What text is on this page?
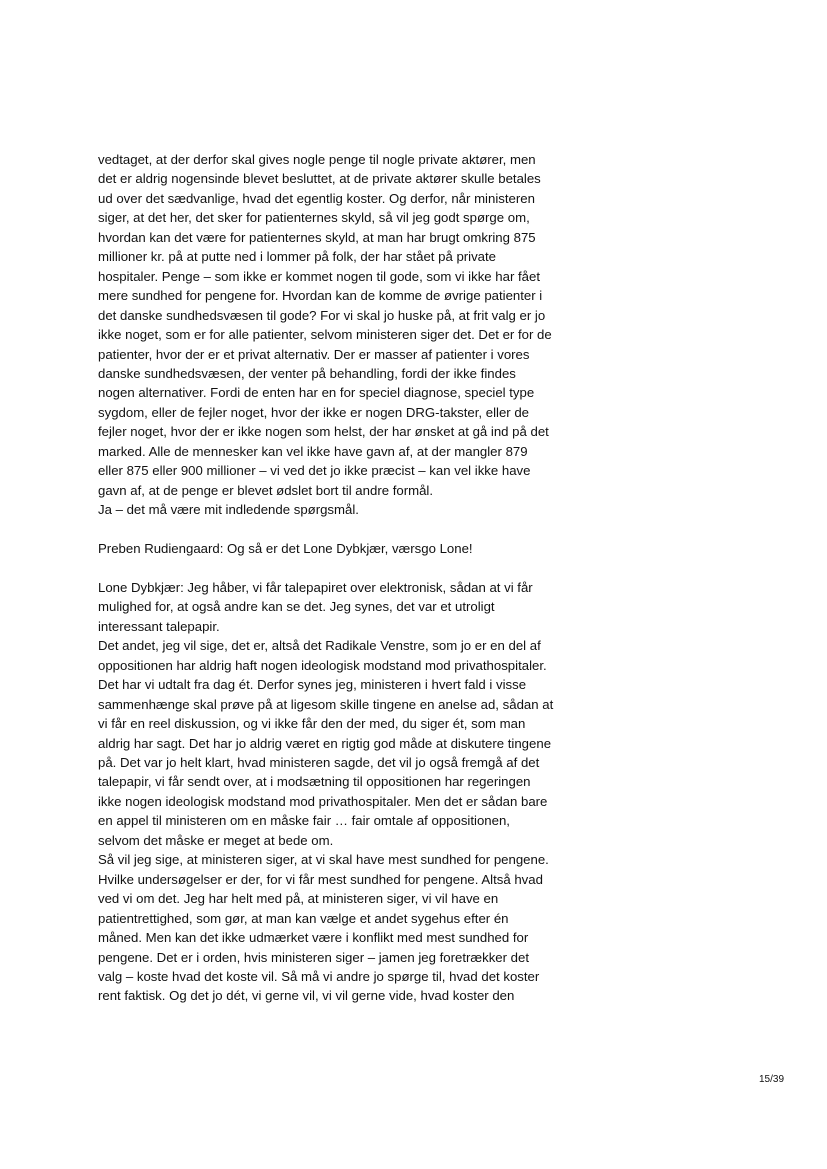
vedtaget, at der derfor skal gives nogle penge til nogle private aktører, men
det er aldrig nogensinde blevet besluttet, at de private aktører skulle betales
ud over det sædvanlige, hvad det egentlig koster. Og derfor, når ministeren
siger, at det her, det sker for patienternes skyld, så vil jeg godt spørge om,
hvordan kan det være for patienternes skyld, at man har brugt omkring 875
millioner kr. på at putte ned i lommer på folk, der har stået på private
hospitaler. Penge – som ikke er kommet nogen til gode, som vi ikke har fået
mere sundhed for pengene for. Hvordan kan de komme de øvrige patienter i
det danske sundhedsvæsen til gode? For vi skal jo huske på, at frit valg er jo
ikke noget, som er for alle patienter, selvom ministeren siger det. Det er for de
patienter, hvor der er et privat alternativ. Der er masser af patienter i vores
danske sundhedsvæsen, der venter på behandling, fordi der ikke findes
nogen alternativer. Fordi de enten har en for speciel diagnose, speciel type
sygdom, eller de fejler noget, hvor der ikke er nogen DRG-takster, eller de
fejler noget, hvor der er ikke nogen som helst, der har ønsket at gå ind på det
marked. Alle de mennesker kan vel ikke have gavn af, at der mangler 879
eller 875 eller 900 millioner – vi ved det jo ikke præcist – kan vel ikke have
gavn af, at de penge er blevet ødslet bort til andre formål.
Ja – det må være mit indledende spørgsmål.
Preben Rudiengaard: Og så er det Lone Dybkjær, værsgo Lone!
Lone Dybkjær: Jeg håber, vi får talepapiret over elektronisk, sådan at vi får
mulighed for, at også andre kan se det. Jeg synes, det var et utroligt
interessant talepapir.
Det andet, jeg vil sige, det er, altså det Radikale Venstre, som jo er en del af
oppositionen har aldrig haft nogen ideologisk modstand mod privathospitaler.
Det har vi udtalt fra dag ét. Derfor synes jeg, ministeren i hvert fald i visse
sammenhænge skal prøve på at ligesom skille tingene en anelse ad, sådan at
vi får en reel diskussion, og vi ikke får den der med, du siger ét, som man
aldrig har sagt. Det har jo aldrig været en rigtig god måde at diskutere tingene
på. Det var jo helt klart, hvad ministeren sagde, det vil jo også fremgå af det
talepapir, vi får sendt over, at i modsætning til oppositionen har regeringen
ikke nogen ideologisk modstand mod privathospitaler. Men det er sådan bare
en appel til ministeren om en måske fair … fair omtale af oppositionen,
selvom det måske er meget at bede om.
Så vil jeg sige, at ministeren siger, at vi skal have mest sundhed for pengene.
Hvilke undersøgelser er der, for vi får mest sundhed for pengene. Altså hvad
ved vi om det. Jeg har helt med på, at ministeren siger, vi vil have en
patientrettighed, som gør, at man kan vælge et andet sygehus efter én
måned. Men kan det ikke udmærket være i konflikt med mest sundhed for
pengene. Det er i orden, hvis ministeren siger – jamen jeg foretrækker det
valg – koste hvad det koste vil. Så må vi andre jo spørge til, hvad det koster
rent faktisk. Og det jo dét, vi gerne vil, vi vil gerne vide, hvad koster den
15/39
